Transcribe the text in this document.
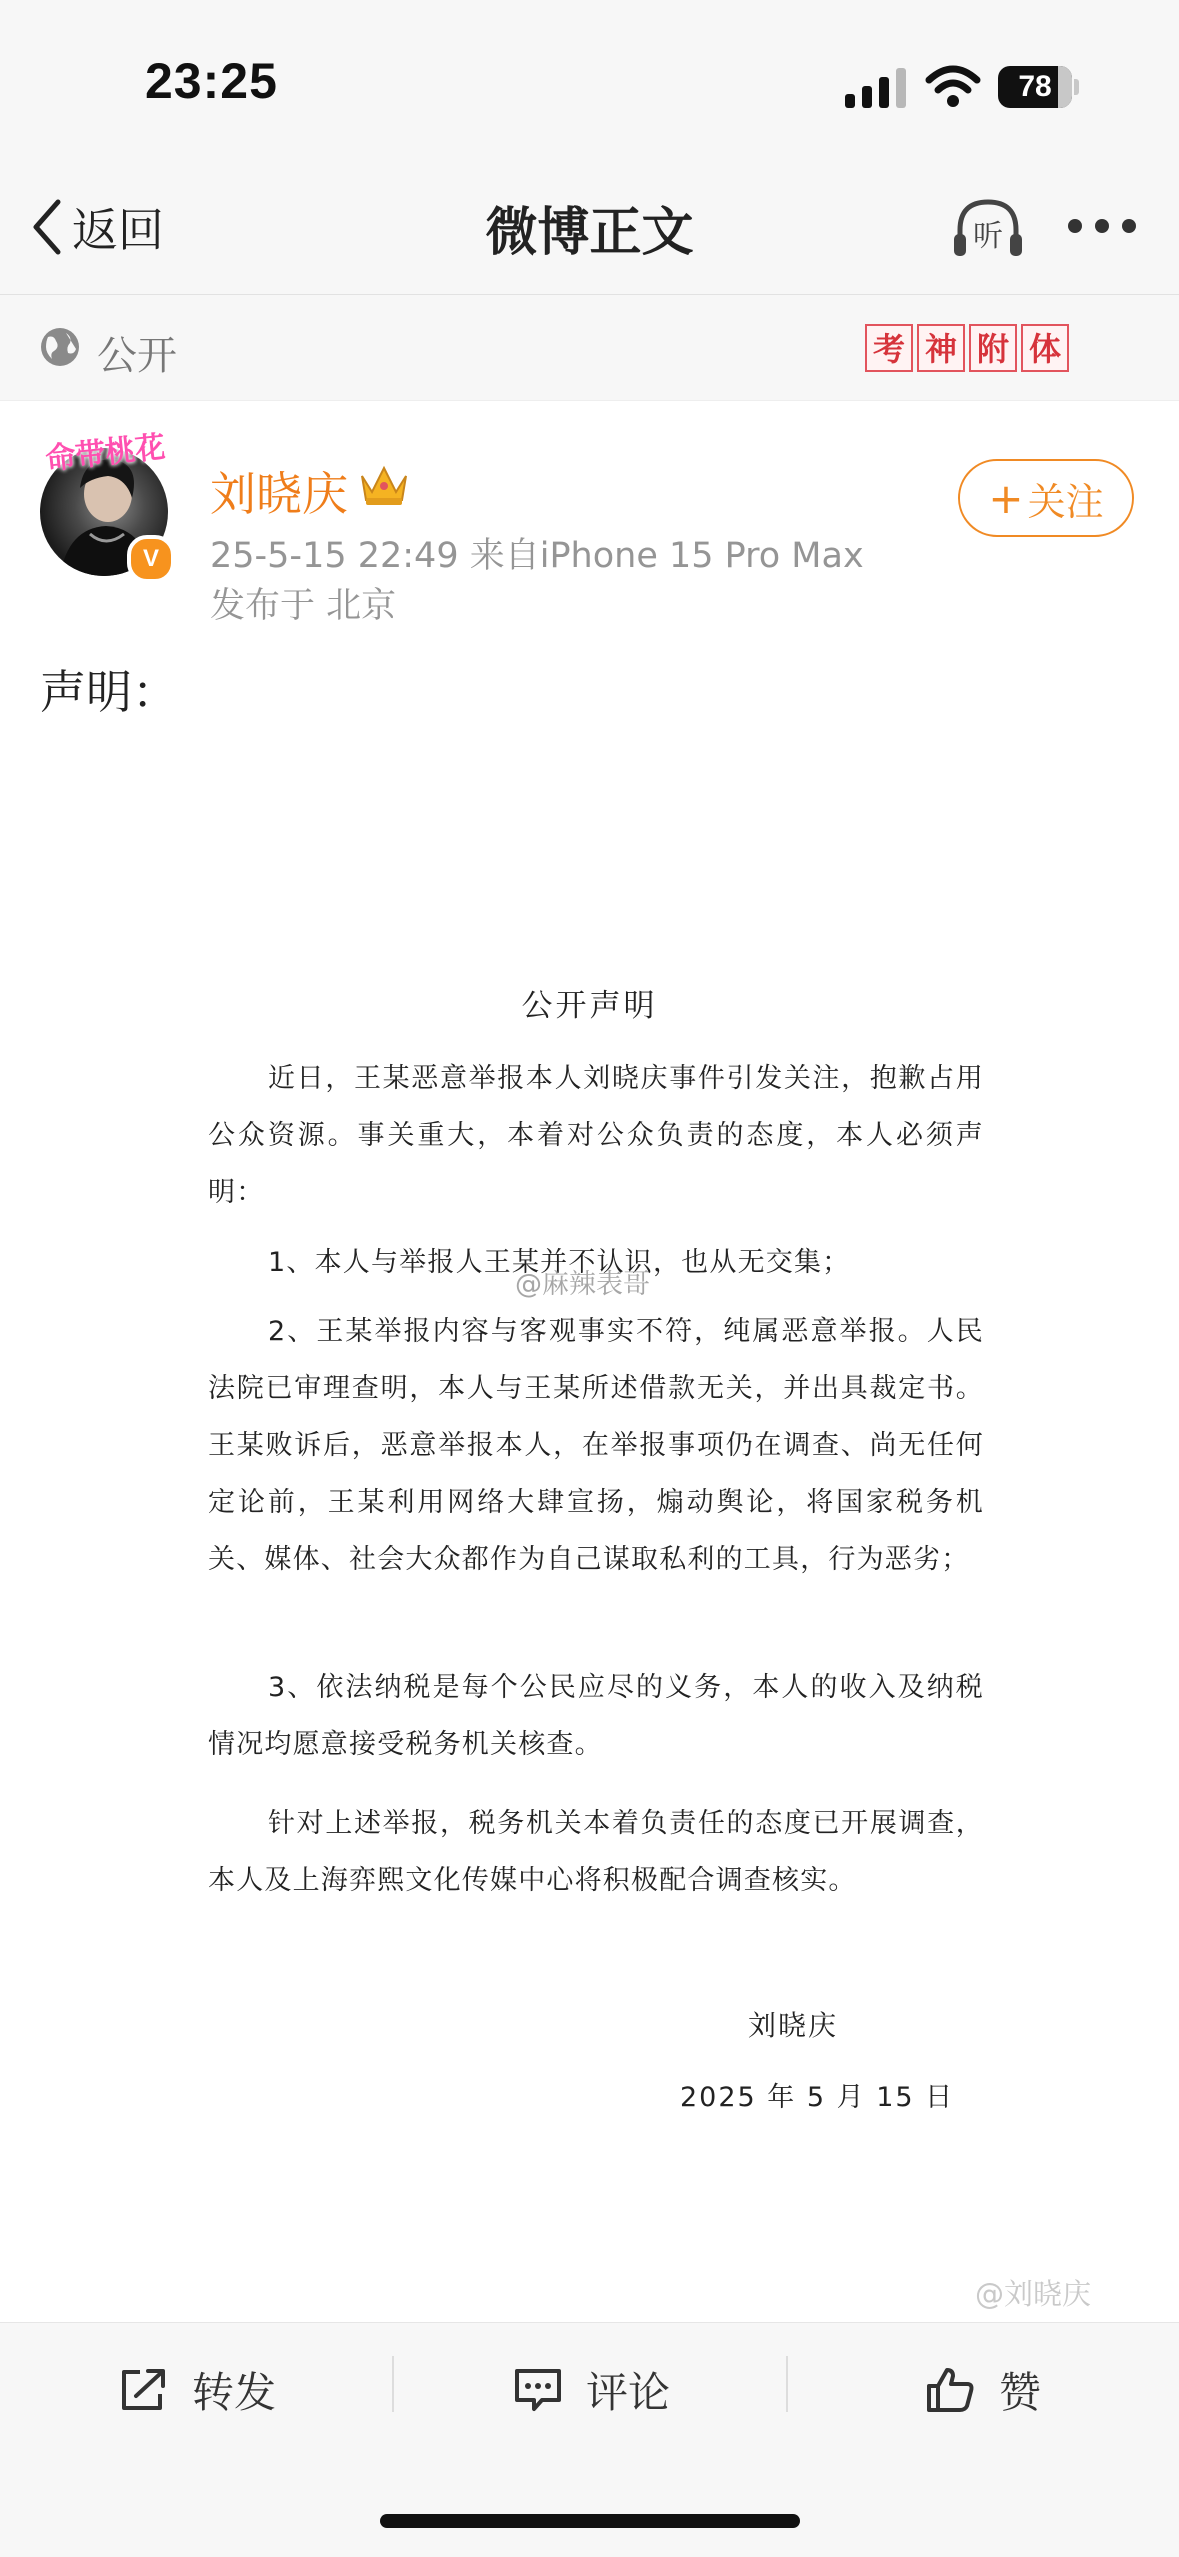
23:25	78
返回	微博正文	听
公开	考 神 附 体
命带桃花
V
刘晓庆
25-5-15 22:49 来自iPhone 15 Pro Max
发布于 北京
+ 关注
声明：
公开声明
近日，王某恶意举报本人刘晓庆事件引发关注，抱歉占用公众资源。事关重大，本着对公众负责的态度，本人必须声明：
1、本人与举报人王某并不认识，也从无交集；
@麻辣表哥
2、王某举报内容与客观事实不符，纯属恶意举报。人民法院已审理查明，本人与王某所述借款无关，并出具裁定书。王某败诉后，恶意举报本人，在举报事项仍在调查、尚无任何定论前，王某利用网络大肆宣扬，煽动舆论，将国家税务机关、媒体、社会大众都作为自己谋取私利的工具，行为恶劣；
3、依法纳税是每个公民应尽的义务，本人的收入及纳税情况均愿意接受税务机关核查。
针对上述举报，税务机关本着负责任的态度已开展调查，本人及上海弈熙文化传媒中心将积极配合调查核实。
刘晓庆
2025 年 5 月 15 日
@刘晓庆
转发	评论	赞
